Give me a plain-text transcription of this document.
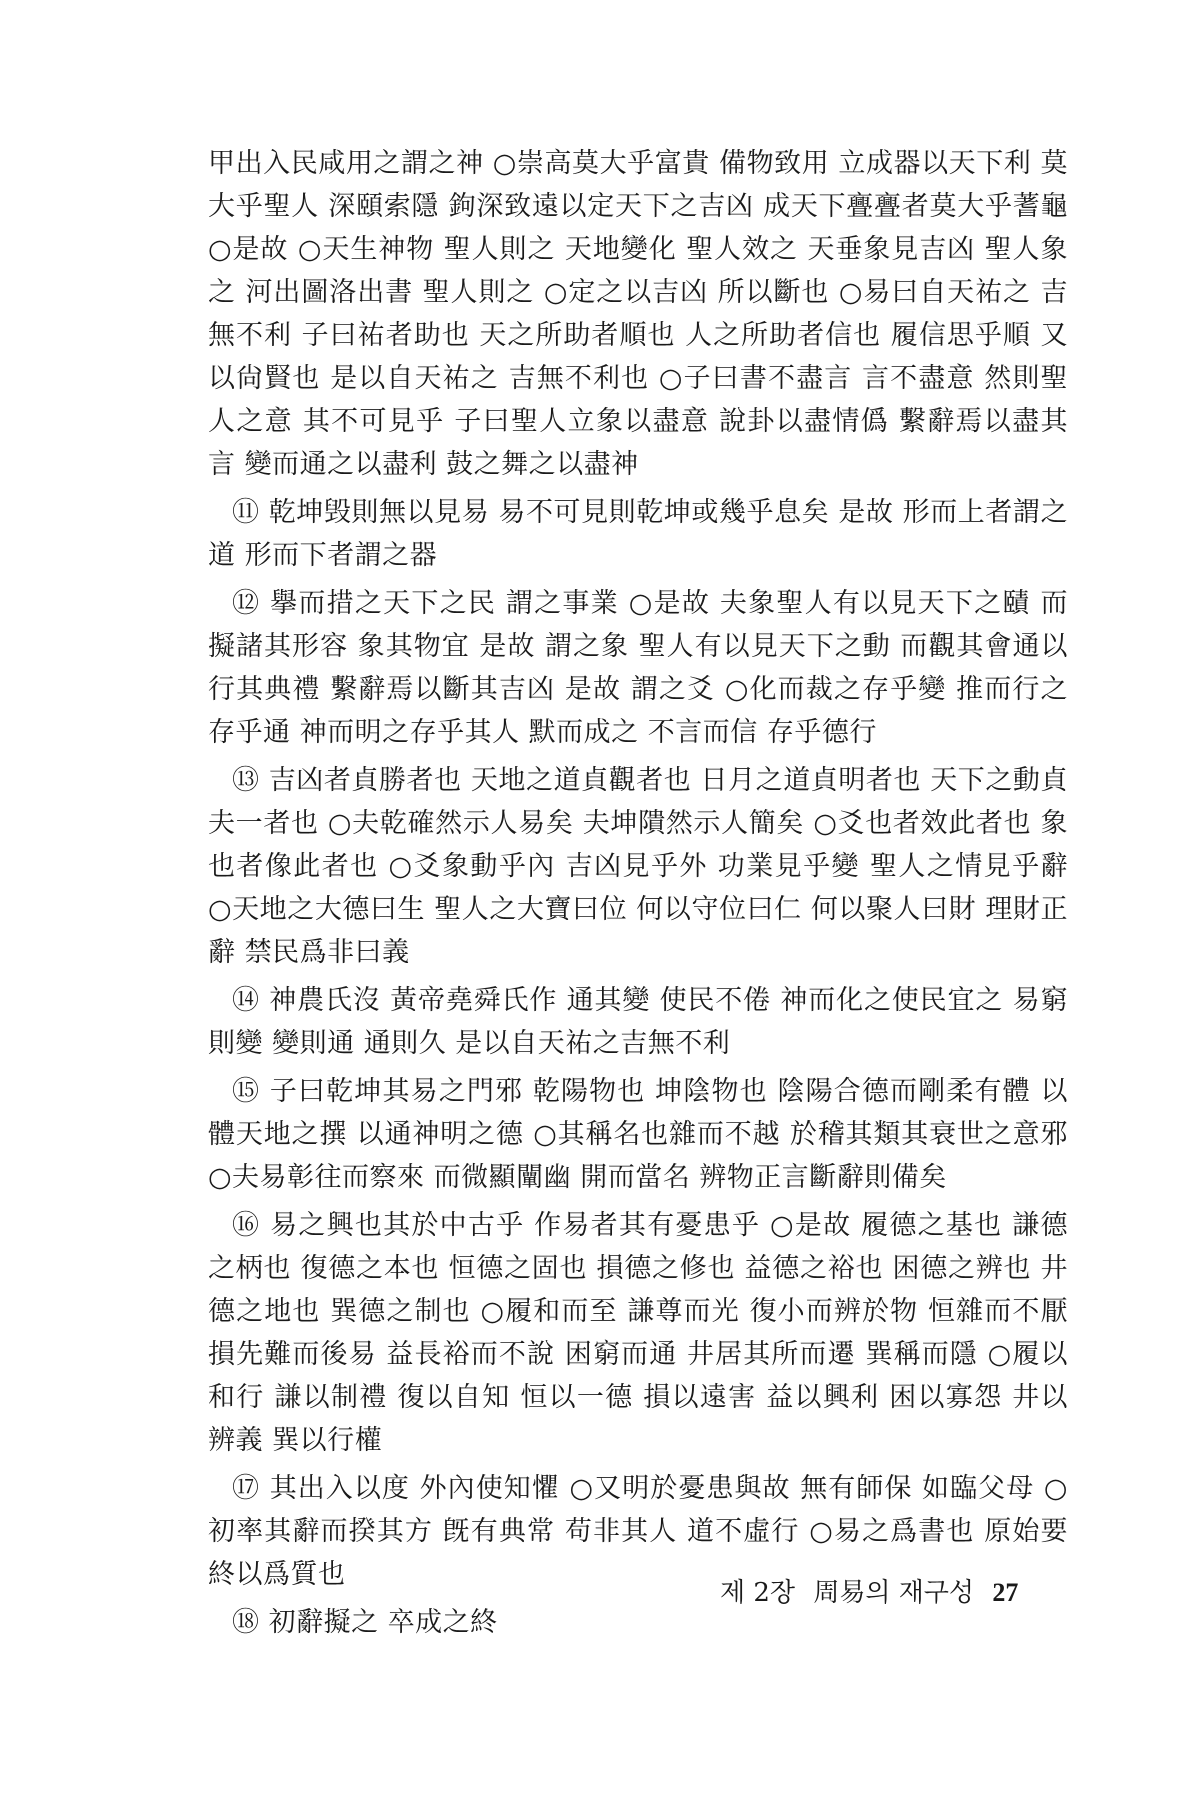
甲出入民咸用之謂之神 ○崇高莫大乎富貴 備物致用 立成器以天下利 莫大乎聖人 深頤索隱 鉤深致遠以定天下之吉凶 成天下亹亹者莫大乎蓍龜 ○是故 ○天生神物 聖人則之 天地變化 聖人效之 天垂象見吉凶 聖人象之 河出圖洛出書 聖人則之 ○定之以吉凶 所以斷也 ○易曰自天祐之 吉無不利 子曰祐者助也 天之所助者順也 人之所助者信也 履信思乎順 又以尙賢也 是以自天祐之 吉無不利也 ○子曰書不盡言 言不盡意 然則聖人之意 其不可見乎 子曰聖人立象以盡意 說卦以盡情僞 繫辭焉以盡其言 變而通之以盡利 鼓之舞之以盡神

⑪ 乾坤毁則無以見易 易不可見則乾坤或幾乎息矣 是故 形而上者謂之道 形而下者謂之器

⑫ 擧而措之天下之民 謂之事業 ○是故 夫象聖人有以見天下之賾 而擬諸其形容 象其物宜 是故 謂之象 聖人有以見天下之動 而觀其會通以行其典禮 繫辭焉以斷其吉凶 是故 謂之爻 ○化而裁之存乎變 推而行之存乎通 神而明之存乎其人 默而成之 不言而信 存乎德行

⑬ 吉凶者貞勝者也 天地之道貞觀者也 日月之道貞明者也 天下之動貞夫一者也 ○夫乾確然示人易矣 夫坤隤然示人簡矣 ○爻也者效此者也 象也者像此者也 ○爻象動乎內 吉凶見乎外 功業見乎變 聖人之情見乎辭 ○天地之大德曰生 聖人之大寶曰位 何以守位曰仁 何以聚人曰財 理財正辭 禁民爲非曰義

⑭ 神農氏沒 黃帝堯舜氏作 通其變 使民不倦 神而化之使民宜之 易窮則變 變則通 通則久 是以自天祐之吉無不利

⑮ 子曰乾坤其易之門邪 乾陽物也 坤陰物也 陰陽合德而剛柔有體 以體天地之撰 以通神明之德 ○其稱名也雜而不越 於稽其類其衰世之意邪 ○夫易彰往而察來 而微顯闡幽 開而當名 辨物正言斷辭則備矣

⑯ 易之興也其於中古乎 作易者其有憂患乎 ○是故 履德之基也 謙德之柄也 復德之本也 恒德之固也 損德之修也 益德之裕也 困德之辨也 井德之地也 巽德之制也 ○履和而至 謙尊而光 復小而辨於物 恒雜而不厭 損先難而後易 益長裕而不說 困窮而通 井居其所而遷 巽稱而隱 ○履以和行 謙以制禮 復以自知 恒以一德 損以遠害 益以興利 困以寡怨 井以辨義 巽以行權

⑰ 其出入以度 外內使知懼 ○又明於憂患與故 無有師保 如臨父母 ○初率其辭而揆其方 旣有典常 苟非其人 道不虛行 ○易之爲書也 原始要終以爲質也

⑱ 初辭擬之 卒成之終

제 2장 周易의 재구성 27
